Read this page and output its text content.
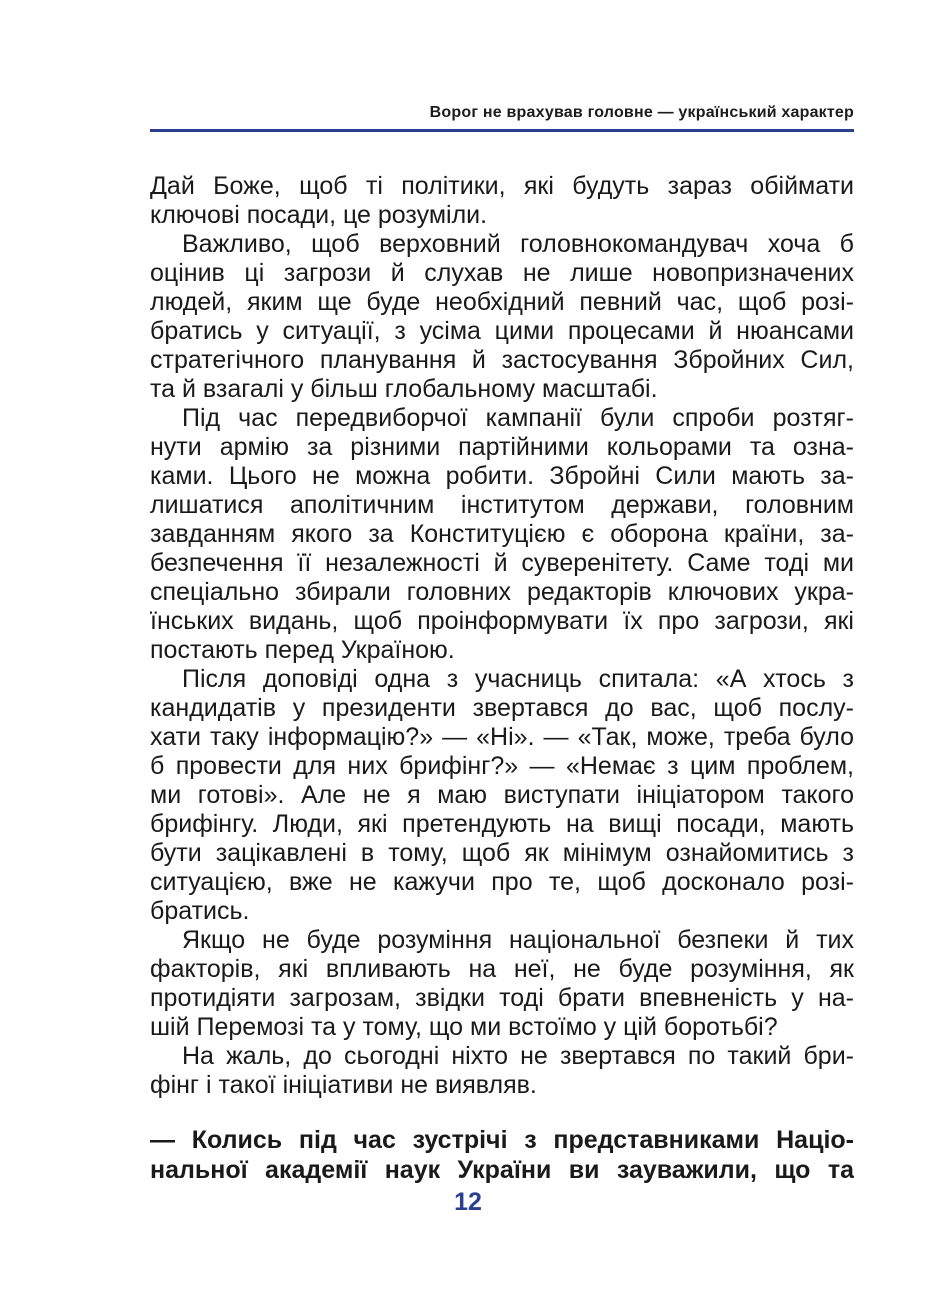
Ворог не врахував головне — український характер
Дай Боже, щоб ті політики, які будуть зараз обіймати
ключові посади, це розуміли.
Важливо, щоб верховний головнокомандувач хоча б
оцінив ці загрози й слухав не лише новопризначених
людей, яким ще буде необхідний певний час, щоб розі-
братись у ситуації, з усіма цими процесами й нюансами
стратегічного планування й застосування Збройних Сил,
та й взагалі у більш глобальному масштабі.
Під час передвиборчої кампанії були спроби розтяг-
нути армію за різними партійними кольорами та озна-
ками. Цього не можна робити. Збройні Сили мають за-
лишатися аполітичним інститутом держави, головним
завданням якого за Конституцією є оборона країни, за-
безпечення її незалежності й суверенітету. Саме тоді ми
спеціально збирали головних редакторів ключових укра-
їнських видань, щоб проінформувати їх про загрози, які
постають перед Україною.
Після доповіді одна з учасниць спитала: «А хтось з
кандидатів у президенти звертався до вас, щоб послу-
хати таку інформацію?» — «Ні». — «Так, може, треба було
б провести для них брифінг?» — «Немає з цим проблем,
ми готові». Але не я маю виступати ініціатором такого
брифінгу. Люди, які претендують на вищі посади, мають
бути зацікавлені в тому, щоб як мінімум ознайомитись з
ситуацією, вже не кажучи про те, щоб досконало розі-
братись.
Якщо не буде розуміння національної безпеки й тих
факторів, які впливають на неї, не буде розуміння, як
протидіяти загрозам, звідки тоді брати впевненість у на-
шій Перемозі та у тому, що ми встоїмо у цій боротьбі?
На жаль, до сьогодні ніхто не звертався по такий бри-
фінг і такої ініціативи не виявляв.
— Колись під час зустрічі з представниками Націо-
нальної академії наук України ви зауважили, що та
12
